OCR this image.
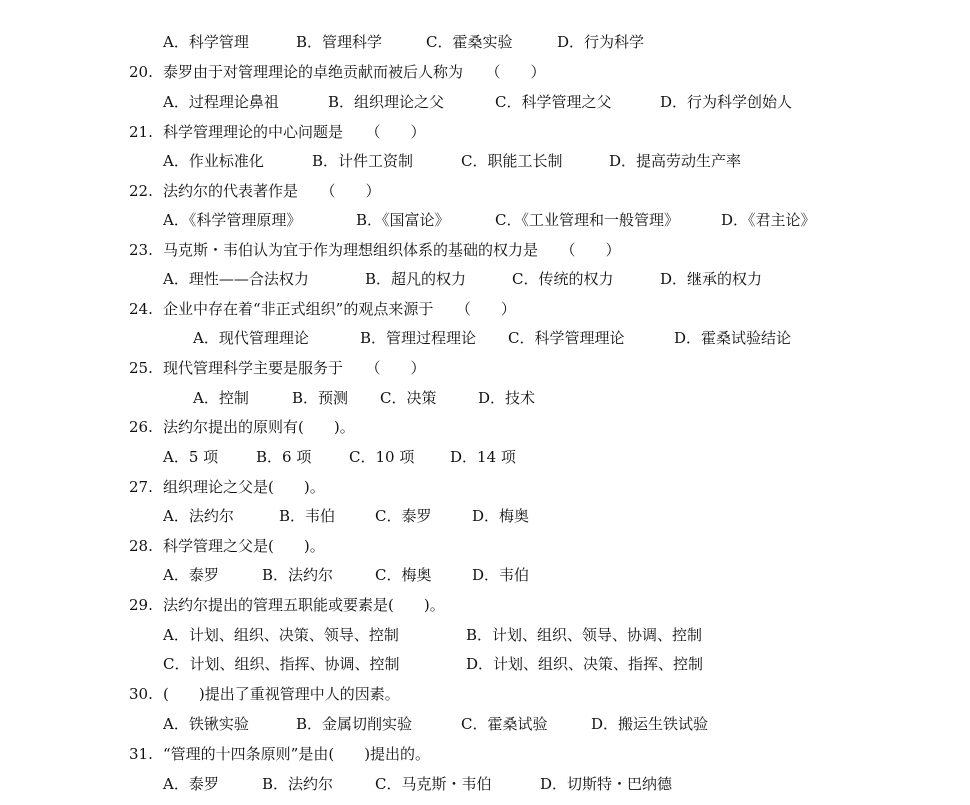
A．科学管理	B．管理科学	C．霍桑实验	D．行为科学
20. 泰罗由于对管理理论的卓绝贡献而被后人称为　　（　　）
A．过程理论鼻祖	B．组织理论之父	C．科学管理之父	D．行为科学创始人
21. 科学管理理论的中心问题是　　（　　）
A．作业标准化	B．计件工资制	C．职能工长制	D．提高劳动生产率
22. 法约尔的代表著作是　　（　　）
A．《科学管理原理》	B．《国富论》	C．《工业管理和一般管理》	D．《君主论》
23. 马克斯・韦伯认为宜于作为理想组织体系的基础的权力是　　（　　）
A．理性——合法权力	B．超凡的权力	C．传统的权力	D．继承的权力
24. 企业中存在着“非正式组织”的观点来源于　　（　　）
A．现代管理理论	B．管理过程理论 C．科学管理理论	D．霍桑试验结论
25. 现代管理科学主要是服务于　　（　　）
A．控制	B．预测 C．决策	D．技术
26. 法约尔提出的原则有(　　)。
A．5 项	B．6 项	C．10 项 D．14 项
27. 组织理论之父是(　　)。
A．法约尔	B．韦伯	C．泰罗	D．梅奥
28. 科学管理之父是(　　)。
A．泰罗	B．法约尔	C．梅奥	D．韦伯
29. 法约尔提出的管理五职能或要素是(　　)。
A．计划、组织、决策、领导、控制	B．计划、组织、领导、协调、控制
C．计划、组织、指挥、协调、控制	D．计划、组织、决策、指挥、控制
30. (　　)提出了重视管理中人的因素。
A．铁锹实验	B．金属切削实验	C．霍桑试验	D．搬运生铁试验
31. “管理的十四条原则”是由(　　)提出的。
A．泰罗	B．法约尔	C．马克斯・韦伯	D．切斯特・巴纳德
